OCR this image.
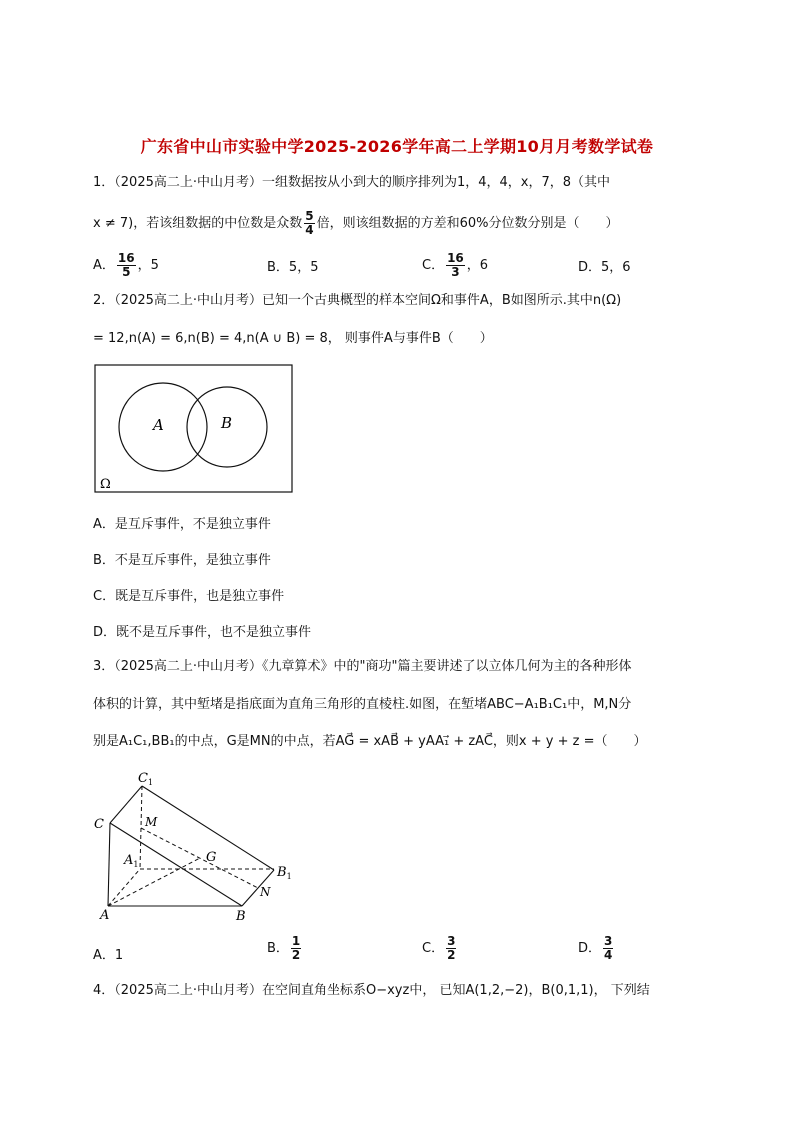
广东省中山市实验中学2025-2026学年高二上学期10月月考数学试卷
1．（2025高二上·中山月考）一组数据按从小到大的顺序排列为1，4，4，x，7，8（其中
x ≠ 7)，若该组数据的中位数是众数 $\frac{5}{4}$ 倍，则该组数据的方差和60%分位数分别是（　　）
A． $\frac{16}{5}$ ，5	B．5，5	C． $\frac{16}{3}$ ，6	D．5，6
2．（2025高二上·中山月考）已知一个古典概型的样本空间Ω和事件A，B如图所示.其中n(Ω)
= 12,n(A) = 6,n(B) = 4,n(A ∪ B) = 8， 则事件A与事件B（　　）
A	B
Ω
A．是互斥事件，不是独立事件
B．不是互斥事件，是独立事件
C．既是互斥事件，也是独立事件
D．既不是互斥事件，也不是独立事件
3．（2025高二上·中山月考）《九章算术》中的"商功"篇主要讲述了以立体几何为主的各种形体
体积的计算，其中堑堵是指底面为直角三角形的直棱柱.如图，在堑堵ABC−A₁B₁C₁中，M,N分
别是A₁C₁,BB₁的中点，G是MN的中点，若AG⃗ = xAB⃗ + yAA₁⃗ + zAC⃗，则x + y + z =（　　）
$C_1$
C	M
$A_1$	G
$B_1$
N
A	B
A．1	B． $\frac{1}{2}$	C． $\frac{3}{2}$	D． $\frac{3}{4}$
4．（2025高二上·中山月考）在空间直角坐标系O−xyz中， 已知A(1,2,−2)，B(0,1,1)， 下列结
